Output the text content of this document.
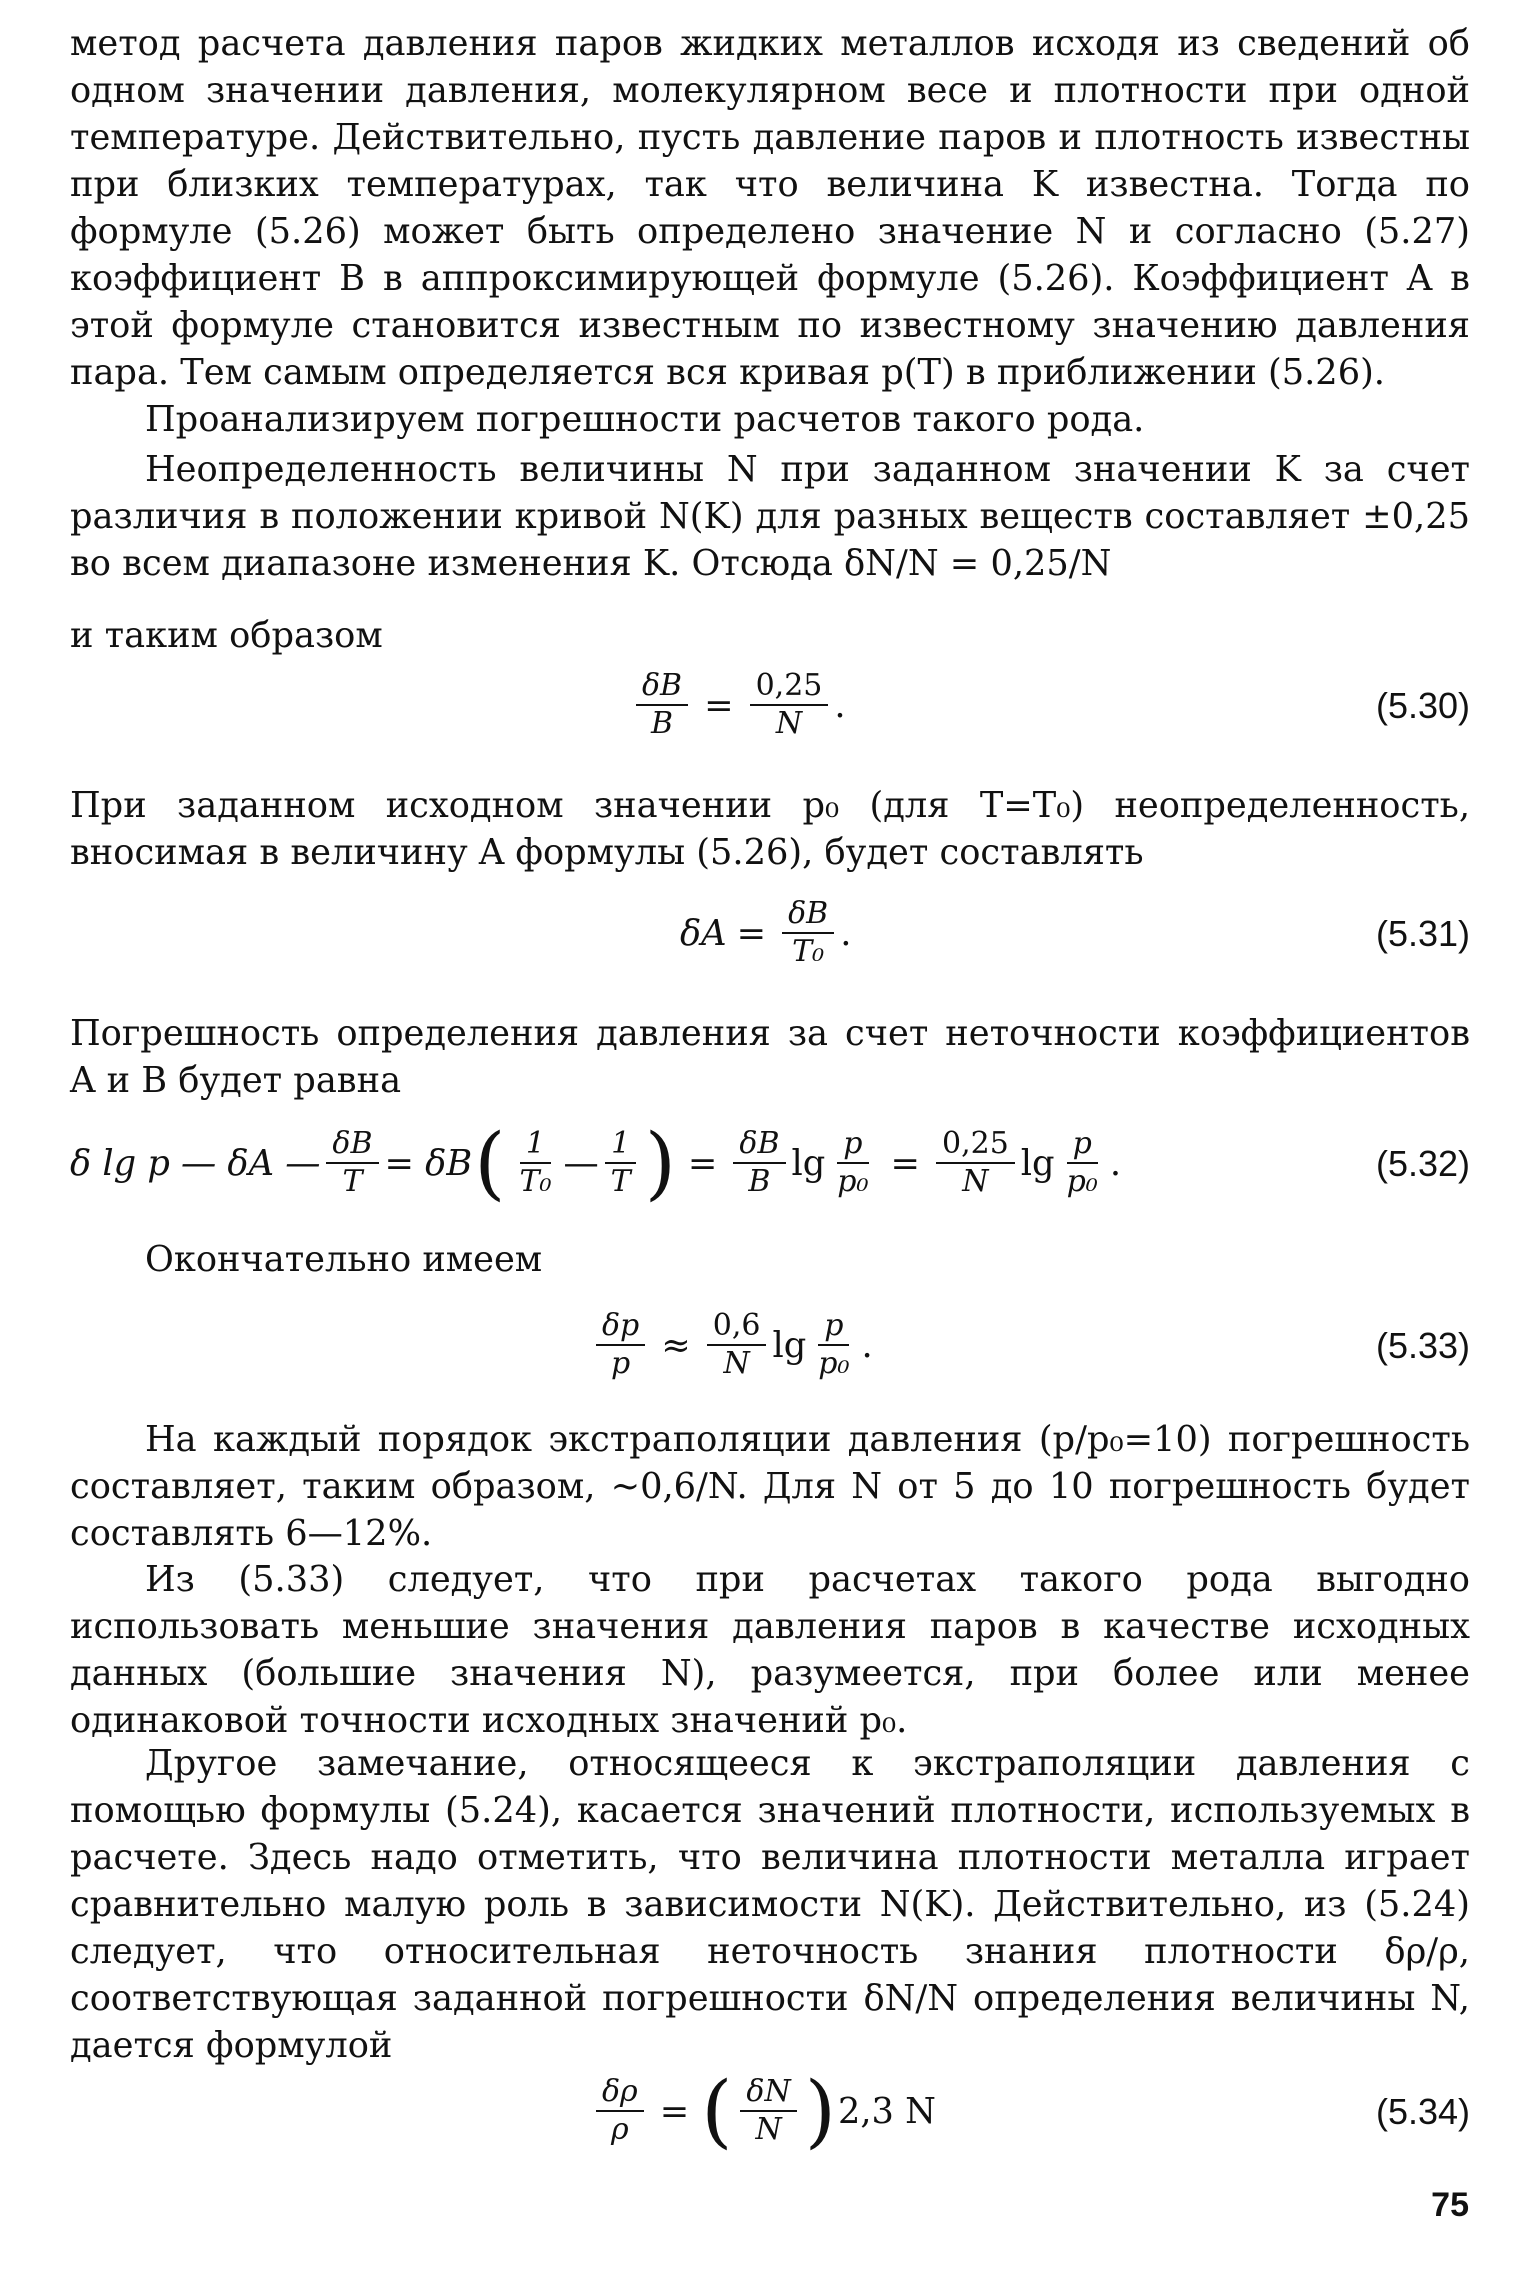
метод расчета давления паров жидких металлов исходя из сведений об одном значении давления, молекулярном весе и плотности при одной температуре. Действительно, пусть давление паров и плотность известны при близких температурах, так что величина K известна. Тогда по формуле (5.26) может быть определено значение N и согласно (5.27) коэффициент B в аппроксимирующей формуле (5.26). Коэффициент A в этой формуле становится известным по известному значению давления пара. Тем самым определяется вся кривая p(T) в приближении (5.26).

Проанализируем погрешности расчетов такого рода.

Неопределенность величины N при заданном значении K за счет различия в положении кривой N(K) для разных веществ составляет ±0,25 во всем диапазоне изменения K. Отсюда δN/N = 0,25/N

и таким образом

$\frac{\delta B}{B} = \frac{0,25}{N}$ .	(5.30)

При заданном исходном значении p₀ (для T=T₀) неопределенность, вносимая в величину A формулы (5.26), будет составлять

$\delta A = \frac{\delta B}{\text{T₀}}$ .	(5.31)

Погрешность определения давления за счет неточности коэффициентов A и B будет равна

δ lg p — δA — $\frac{\delta B}{T} = \delta B$ ( $\frac{1}{\text{T₀}}$ — $\frac{1}{T}$ ) = $\frac{\delta B}{B}$ $\lg \frac{p}{\text{p₀}} = \frac{0,25}{N}$ $\lg \frac{p}{\text{p₀}}$ .	(5.32)

Окончательно имеем

$\frac{\delta p}{p} \approx \frac{0,6}{N}$ $\lg \frac{p}{\text{p₀}}$ .	(5.33)

На каждый порядок экстраполяции давления (p/p₀=10) погрешность составляет, таким образом, ~0,6/N. Для N от 5 до 10 погрешность будет составлять 6—12%.

Из (5.33) следует, что при расчетах такого рода выгодно использовать меньшие значения давления паров в качестве исходных данных (большие значения N), разумеется, при более или менее одинаковой точности исходных значений p₀.

Другое замечание, относящееся к экстраполяции давления с помощью формулы (5.24), касается значений плотности, используемых в расчете. Здесь надо отметить, что величина плотности металла играет сравнительно малую роль в зависимости N(K). Действительно, из (5.24) следует, что относительная неточность знания плотности δρ/ρ, соответствующая заданной погрешности δN/N определения величины N, дается формулой

$\frac{\delta\rho}{\rho}$ = ( $\frac{\delta N}{N}$ ) 2,3 N	(5.34)
75
